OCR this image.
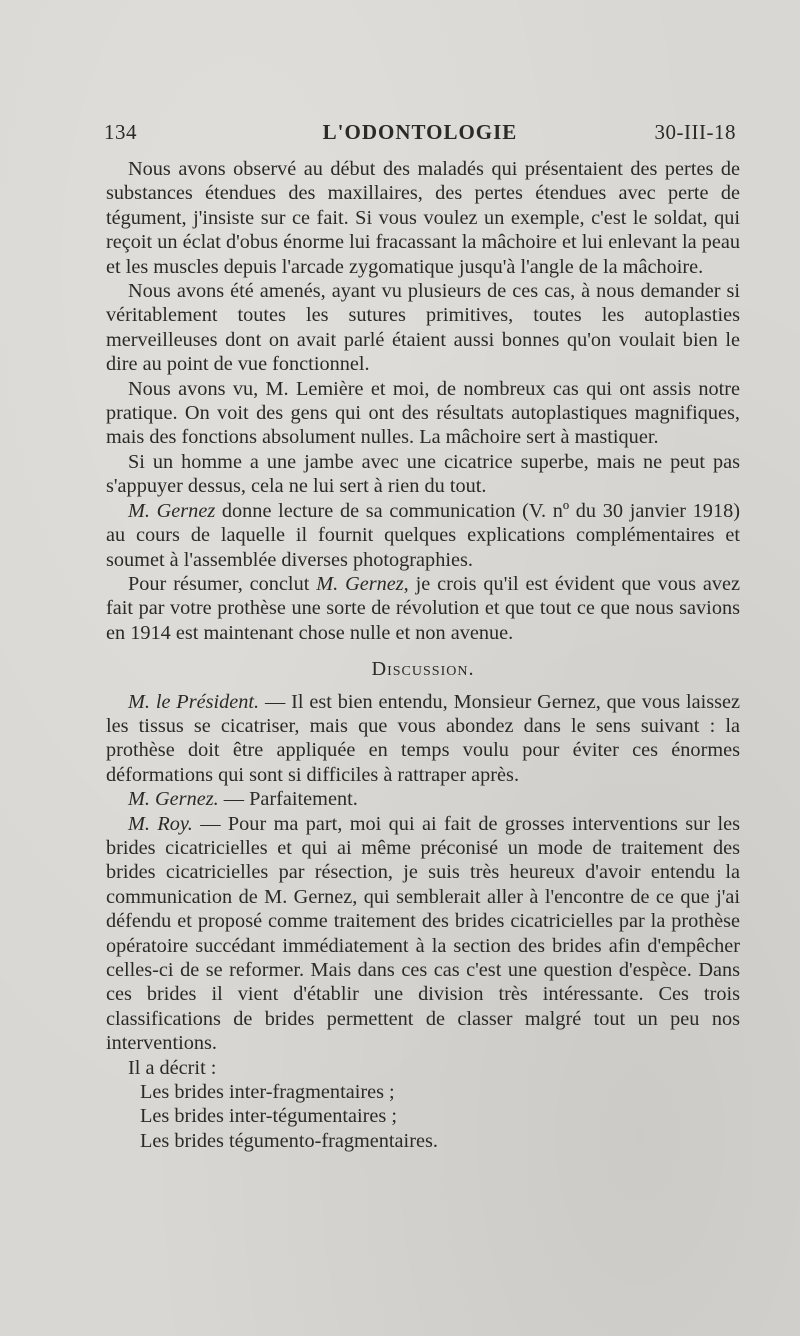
134	L'ODONTOLOGIE	30-III-18

Nous avons observé au début des maladés qui présentaient des pertes de substances étendues des maxillaires, des pertes étendues avec perte de tégument, j'insiste sur ce fait. Si vous voulez un exemple, c'est le soldat, qui reçoit un éclat d'obus énorme lui fracassant la mâchoire et lui enlevant la peau et les muscles depuis l'arcade zygomatique jusqu'à l'angle de la mâchoire.

Nous avons été amenés, ayant vu plusieurs de ces cas, à nous demander si véritablement toutes les sutures primitives, toutes les autoplasties merveilleuses dont on avait parlé étaient aussi bonnes qu'on voulait bien le dire au point de vue fonctionnel.

Nous avons vu, M. Lemière et moi, de nombreux cas qui ont assis notre pratique. On voit des gens qui ont des résultats autoplastiques magnifiques, mais des fonctions absolument nulles. La mâchoire sert à mastiquer.

Si un homme a une jambe avec une cicatrice superbe, mais ne peut pas s'appuyer dessus, cela ne lui sert à rien du tout.

M. Gernez donne lecture de sa communication (V. nº du 30 janvier 1918) au cours de laquelle il fournit quelques explications complémentaires et soumet à l'assemblée diverses photographies.

Pour résumer, conclut M. Gernez, je crois qu'il est évident que vous avez fait par votre prothèse une sorte de révolution et que tout ce que nous savions en 1914 est maintenant chose nulle et non avenue.

Discussion.

M. le Président. — Il est bien entendu, Monsieur Gernez, que vous laissez les tissus se cicatriser, mais que vous abondez dans le sens suivant : la prothèse doit être appliquée en temps voulu pour éviter ces énormes déformations qui sont si difficiles à rattraper après.

M. Gernez. — Parfaitement.

M. Roy. — Pour ma part, moi qui ai fait de grosses interventions sur les brides cicatricielles et qui ai même préconisé un mode de traitement des brides cicatricielles par résection, je suis très heureux d'avoir entendu la communication de M. Gernez, qui semblerait aller à l'encontre de ce que j'ai défendu et proposé comme traitement des brides cicatricielles par la prothèse opératoire succédant immédiatement à la section des brides afin d'empêcher celles-ci de se reformer. Mais dans ces cas c'est une question d'espèce. Dans ces brides il vient d'établir une division très intéressante. Ces trois classifications de brides permettent de classer malgré tout un peu nos interventions.

Il a décrit :

Les brides inter-fragmentaires ;

Les brides inter-tégumentaires ;

Les brides tégumento-fragmentaires.
